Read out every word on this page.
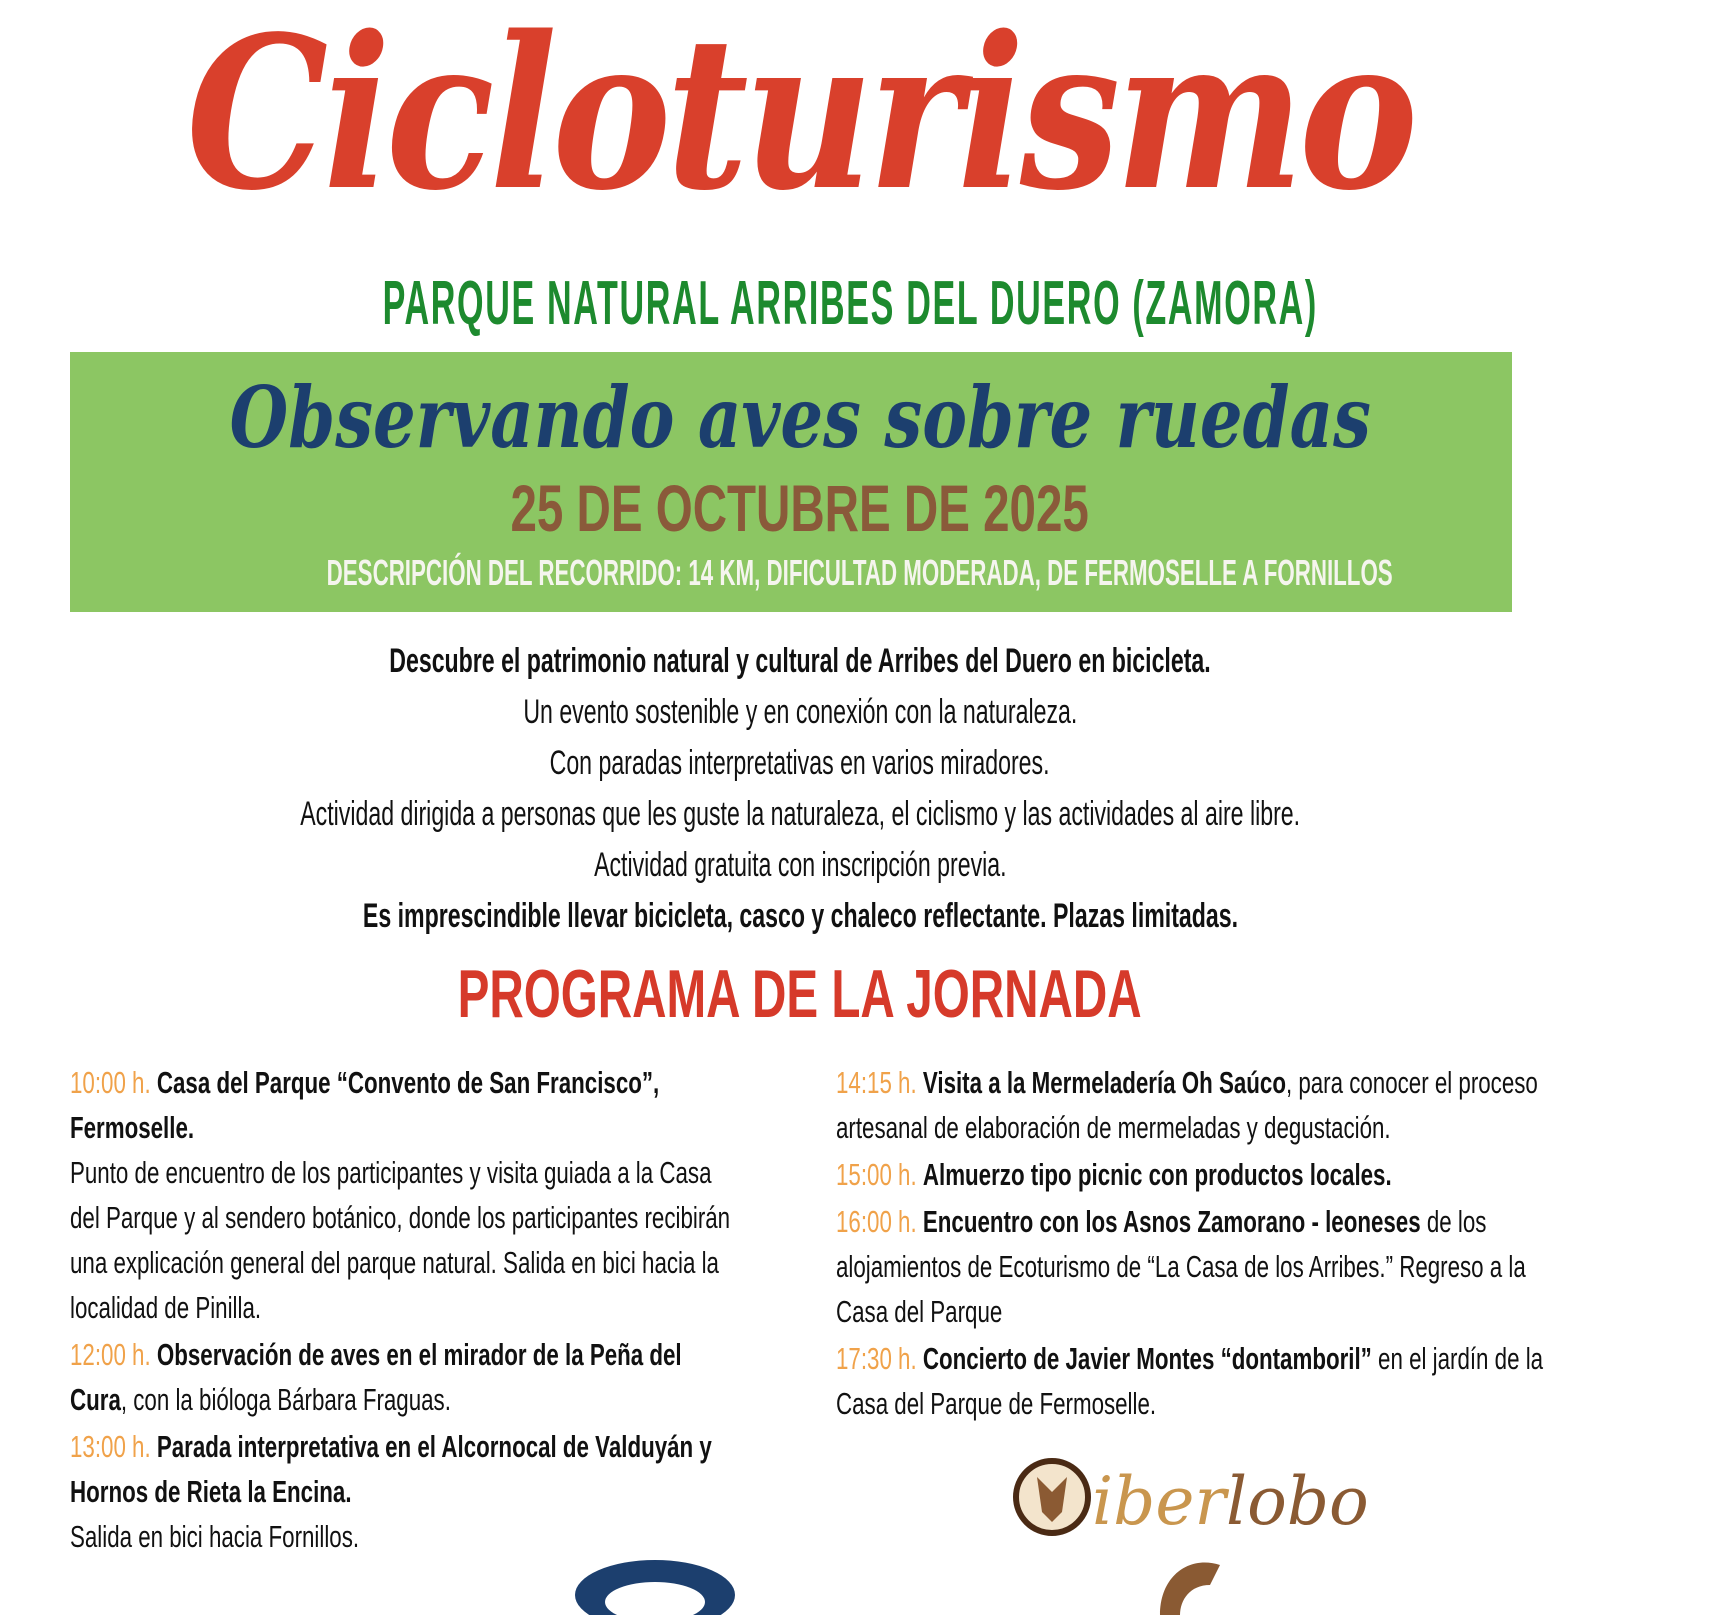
Cicloturismo
PARQUE NATURAL ARRIBES DEL DUERO (ZAMORA)
Observando aves sobre ruedas
25 DE OCTUBRE DE 2025
DESCRIPCIÓN DEL RECORRIDO: 14 KM, DIFICULTAD MODERADA, DE FERMOSELLE A FORNILLOS
Descubre el patrimonio natural y cultural de Arribes del Duero en bicicleta.
Un evento sostenible y en conexión con la naturaleza.
Con paradas interpretativas en varios miradores.
Actividad dirigida a personas que les guste la naturaleza, el ciclismo y las actividades al aire libre.
Actividad gratuita con inscripción previa.
Es imprescindible llevar bicicleta, casco y chaleco reflectante. Plazas limitadas.
PROGRAMA DE LA JORNADA
10:00 h. Casa del Parque “Convento de San Francisco”, Fermoselle.
Punto de encuentro de los participantes y visita guiada a la Casa del Parque y al sendero botánico, donde los participantes recibirán una explicación general del parque natural. Salida en bici hacia la localidad de Pinilla.
12:00 h. Observación de aves en el mirador de la Peña del Cura, con la bióloga Bárbara Fraguas.
13:00 h. Parada interpretativa en el Alcornocal de Valduyán y Hornos de Rieta la Encina.
Salida en bici hacia Fornillos.
14:15 h. Visita a la Mermeladería Oh Saúco, para conocer el proceso artesanal de elaboración de mermeladas y degustación.
15:00 h. Almuerzo tipo picnic con productos locales.
16:00 h. Encuentro con los Asnos Zamorano - leoneses de los alojamientos de Ecoturismo de “La Casa de los Arribes.” Regreso a la Casa del Parque
17:30 h. Concierto de Javier Montes “dontamboril” en el jardín de la Casa del Parque de Fermoselle.
iberlobo
